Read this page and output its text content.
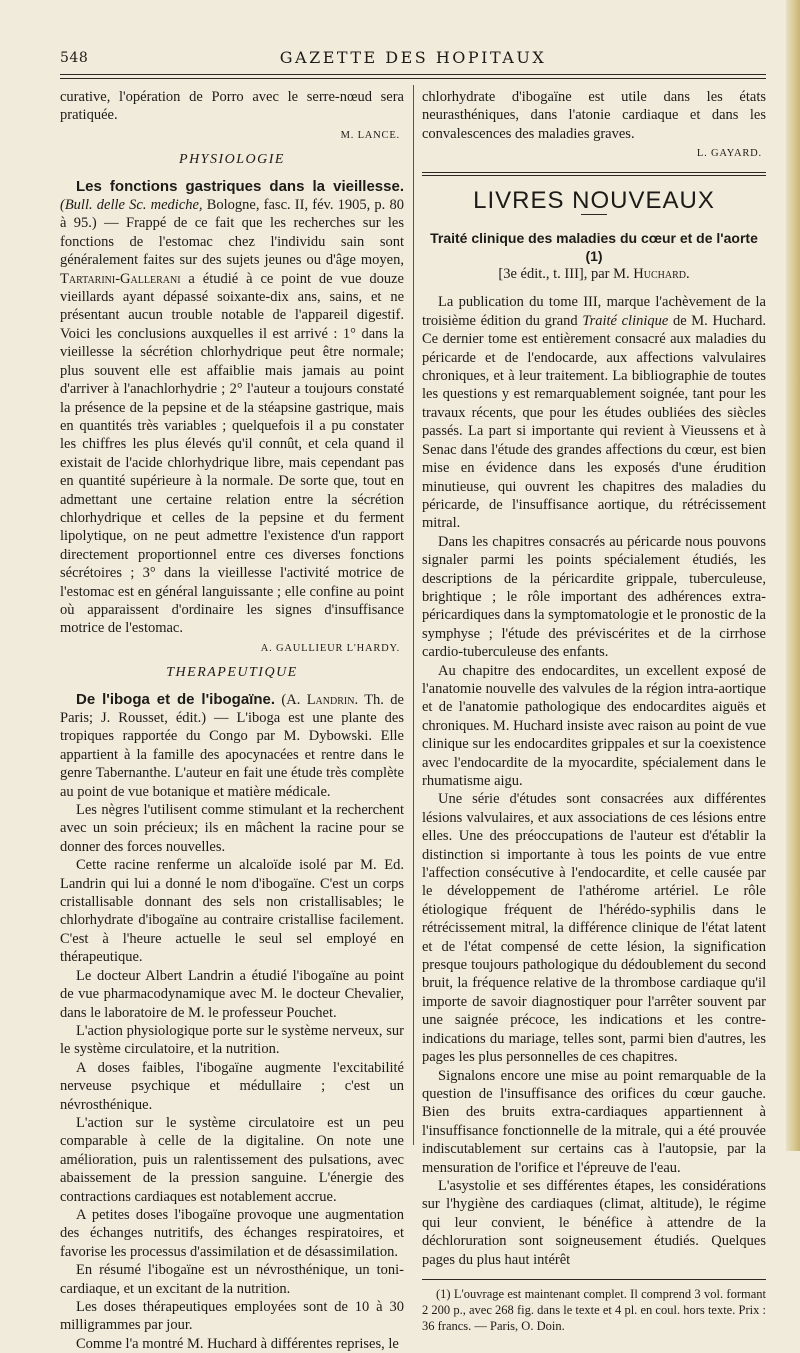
548	GAZETTE DES HOPITAUX

curative, l'opération de Porro avec le serre-nœud sera pratiquée.

M. LANCE.

PHYSIOLOGIE

Les fonctions gastriques dans la vieillesse. (Bull. delle Sc. mediche, Bologne, fasc. II, fév. 1905, p. 80 à 95.) — Frappé de ce fait que les recherches sur les fonctions de l'estomac chez l'individu sain sont généralement faites sur des sujets jeunes ou d'âge moyen, Tartarini-Gallerani a étudié à ce point de vue douze vieillards ayant dépassé soixante-dix ans, sains, et ne présentant aucun trouble notable de l'appareil digestif. Voici les conclusions auxquelles il est arrivé : 1° dans la vieillesse la sécrétion chlorhydrique peut être normale; plus souvent elle est affaiblie mais jamais au point d'arriver à l'anachlorhydrie ; 2° l'auteur a toujours constaté la présence de la pepsine et de la stéapsine gastrique, mais en quantités très variables ; quelquefois il a pu constater les chiffres les plus élevés qu'il connût, et cela quand il existait de l'acide chlorhydrique libre, mais cependant pas en quantité supérieure à la normale. De sorte que, tout en admettant une certaine relation entre la sécrétion chlorhydrique et celles de la pepsine et du ferment lipolytique, on ne peut admettre l'existence d'un rapport directement proportionnel entre ces diverses fonctions sécrétoires ; 3° dans la vieillesse l'activité motrice de l'estomac est en général languissante ; elle confine au point où apparaissent d'ordinaire les signes d'insuffisance motrice de l'estomac.

A. GAULLIEUR L'HARDY.

THERAPEUTIQUE

De l'iboga et de l'ibogaïne. (A. Landrin. Th. de Paris; J. Rousset, édit.) — L'iboga est une plante des tropiques rapportée du Congo par M. Dybowski. Elle appartient à la famille des apocynacées et rentre dans le genre Tabernanthe. L'auteur en fait une étude très complète au point de vue botanique et matière médicale.

Les nègres l'utilisent comme stimulant et la recherchent avec un soin précieux; ils en mâchent la racine pour se donner des forces nouvelles.

Cette racine renferme un alcaloïde isolé par M. Ed. Landrin qui lui a donné le nom d'ibogaïne. C'est un corps cristallisable donnant des sels non cristallisables; le chlorhydrate d'ibogaïne au contraire cristallise facilement. C'est à l'heure actuelle le seul sel employé en thérapeutique.

Le docteur Albert Landrin a étudié l'ibogaïne au point de vue pharmacodynamique avec M. le docteur Chevalier, dans le laboratoire de M. le professeur Pouchet.

L'action physiologique porte sur le système nerveux, sur le système circulatoire, et la nutrition.

A doses faibles, l'ibogaïne augmente l'excitabilité nerveuse psychique et médullaire ; c'est un névrosthénique.

L'action sur le système circulatoire est un peu comparable à celle de la digitaline. On note une amélioration, puis un ralentissement des pulsations, avec abaissement de la pression sanguine. L'énergie des contractions cardiaques est notablement accrue.

A petites doses l'ibogaïne provoque une augmentation des échanges nutritifs, des échanges respiratoires, et favorise les processus d'assimilation et de désassimilation.

En résumé l'ibogaïne est un névrosthénique, un toni-cardiaque, et un excitant de la nutrition.

Les doses thérapeutiques employées sont de 10 à 30 milligrammes par jour.

Comme l'a montré M. Huchard à différentes reprises, le

chlorhydrate d'ibogaïne est utile dans les états neurasthéniques, dans l'atonie cardiaque et dans les convalescences des maladies graves.

L. GAYARD.

LIVRES NOUVEAUX
Traité clinique des maladies du cœur et de l'aorte (1)
[3e édit., t. III], par M. Huchard.

La publication du tome III, marque l'achèvement de la troisième édition du grand Traité clinique de M. Huchard. Ce dernier tome est entièrement consacré aux maladies du péricarde et de l'endocarde, aux affections valvulaires chroniques, et à leur traitement. La bibliographie de toutes les questions y est remarquablement soignée, tant pour les travaux récents, que pour les études oubliées des siècles passés. La part si importante qui revient à Vieussens et à Senac dans l'étude des grandes affections du cœur, est bien mise en évidence dans les exposés d'une érudition minutieuse, qui ouvrent les chapitres des maladies du péricarde, de l'insuffisance aortique, du rétrécissement mitral.

Dans les chapitres consacrés au péricarde nous pouvons signaler parmi les points spécialement étudiés, les descriptions de la péricardite grippale, tuberculeuse, brightique ; le rôle important des adhérences extra-péricardiques dans la symptomatologie et le pronostic de la symphyse ; l'étude des préviscérites et de la cirrhose cardio-tuberculeuse des enfants.

Au chapitre des endocardites, un excellent exposé de l'anatomie nouvelle des valvules de la région intra-aortique et de l'anatomie pathologique des endocardites aiguës et chroniques. M. Huchard insiste avec raison au point de vue clinique sur les endocardites grippales et sur la coexistence avec l'endocardite de la myocardite, spécialement dans le rhumatisme aigu.

Une série d'études sont consacrées aux différentes lésions valvulaires, et aux associations de ces lésions entre elles. Une des préoccupations de l'auteur est d'établir la distinction si importante à tous les points de vue entre l'affection consécutive à l'endocardite, et celle causée par le développement de l'athérome artériel. Le rôle étiologique fréquent de l'hérédo-syphilis dans le rétrécissement mitral, la différence clinique de l'état latent et de l'état compensé de cette lésion, la signification presque toujours pathologique du dédoublement du second bruit, la fréquence relative de la thrombose cardiaque qu'il importe de savoir diagnostiquer pour l'arrêter souvent par une saignée précoce, les indications et les contre-indications du mariage, telles sont, parmi bien d'autres, les pages les plus personnelles de ces chapitres.

Signalons encore une mise au point remarquable de la question de l'insuffisance des orifices du cœur gauche. Bien des bruits extra-cardiaques appartiennent à l'insuffisance fonctionnelle de la mitrale, qui a été prouvée indiscutablement sur certains cas à l'autopsie, par la mensuration de l'orifice et l'épreuve de l'eau.

L'asystolie et ses différentes étapes, les considérations sur l'hygiène des cardiaques (climat, altitude), le régime qui leur convient, le bénéfice à attendre de la déchloruration sont soigneusement étudiés. Quelques pages du plus haut intérêt

(1) L'ouvrage est maintenant complet. Il comprend 3 vol. formant 2 200 p., avec 268 fig. dans le texte et 4 pl. en coul. hors texte. Prix : 36 francs. — Paris, O. Doin.
